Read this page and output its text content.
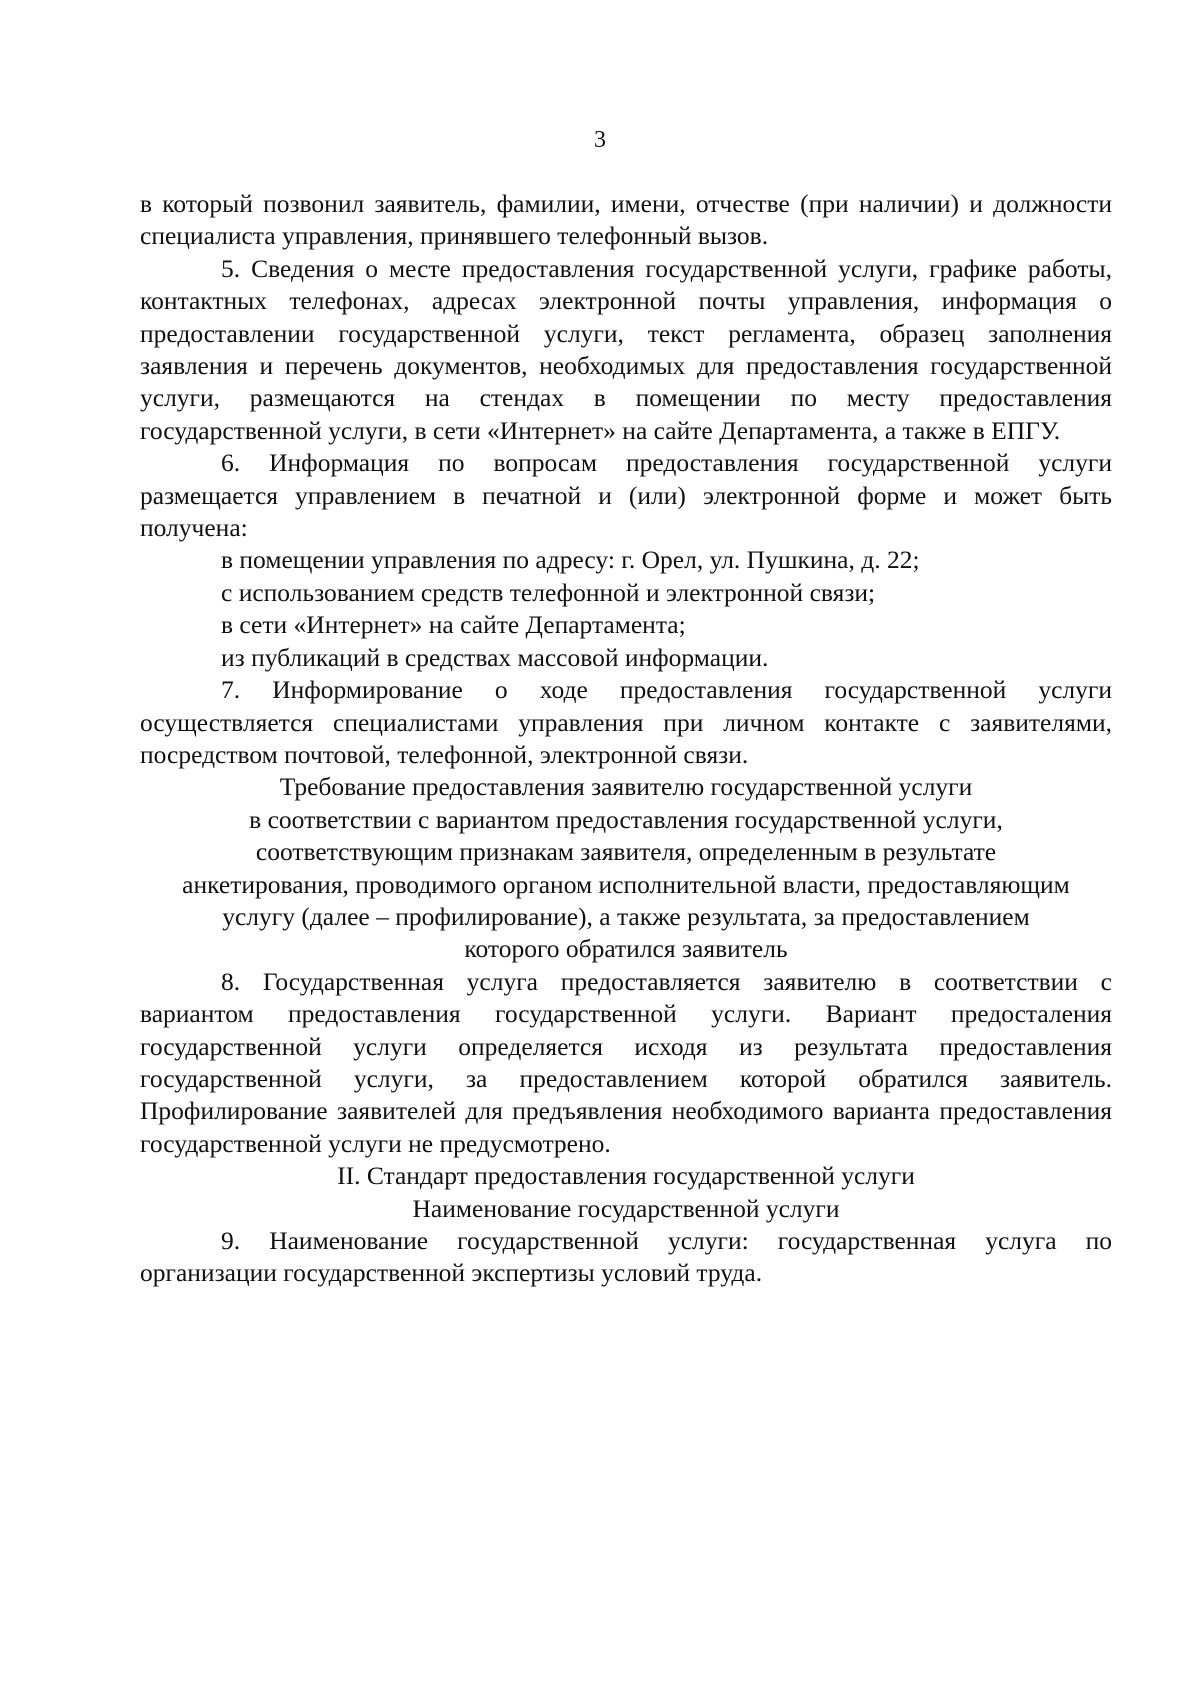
3

в который позвонил заявитель, фамилии, имени, отчестве (при наличии) и должности специалиста управления, принявшего телефонный вызов.

5. Сведения о месте предоставления государственной услуги, графике работы, контактных телефонах, адресах электронной почты управления, информация о предоставлении государственной услуги, текст регламента, образец заполнения заявления и перечень документов, необходимых для предоставления государственной услуги, размещаются на стендах в помещении по месту предоставления государственной услуги, в сети «Интернет» на сайте Департамента, а также в ЕПГУ.

6. Информация по вопросам предоставления государственной услуги размещается управлением в печатной и (или) электронной форме и может быть получена:

в помещении управления по адресу: г. Орел, ул. Пушкина, д. 22;

с использованием средств телефонной и электронной связи;

в сети «Интернет» на сайте Департамента;

из публикаций в средствах массовой информации.

7. Информирование о ходе предоставления государственной услуги осуществляется специалистами управления при личном контакте с заявителями, посредством почтовой, телефонной, электронной связи.

Требование предоставления заявителю государственной услуги
в соответствии с вариантом предоставления государственной услуги,
соответствующим признакам заявителя, определенным в результате
анкетирования, проводимого органом исполнительной власти, предоставляющим
услугу (далее – профилирование), а также результата, за предоставлением
которого обратился заявитель

8. Государственная услуга предоставляется заявителю в соответствии с вариантом предоставления государственной услуги. Вариант предосталения государственной услуги определяется исходя из результата предоставления государственной услуги, за предоставлением которой обратился заявитель. Профилирование заявителей для предъявления необходимого варианта предоставления государственной услуги не предусмотрено.

II. Стандарт предоставления государственной услуги
Наименование государственной услуги

9. Наименование государственной услуги: государственная услуга по организации государственной экспертизы условий труда.
